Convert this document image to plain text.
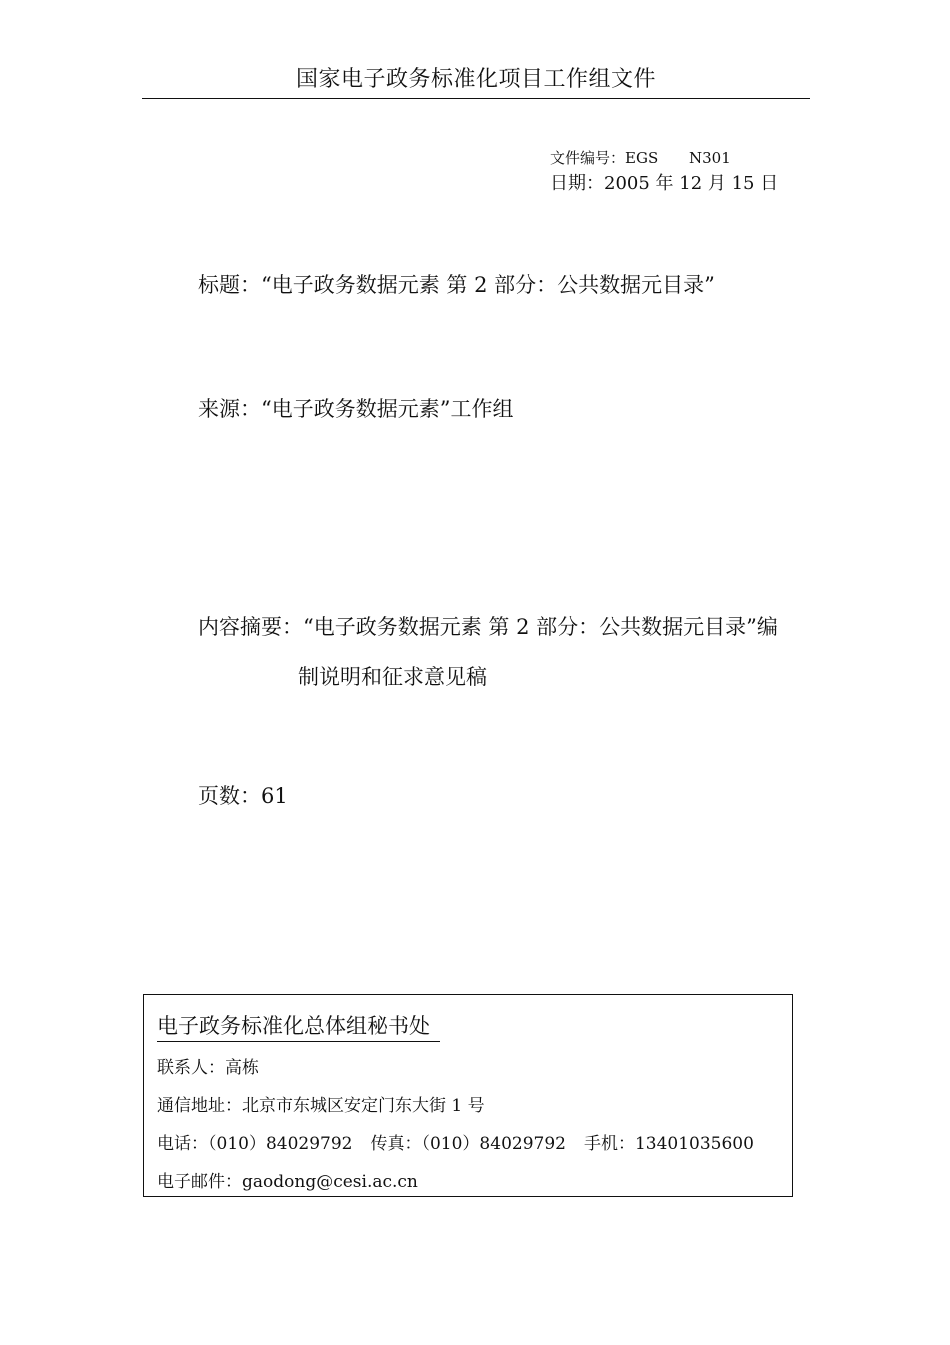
国家电子政务标准化项目工作组文件
文件编号：EGS N301
日期：2005 年 12 月 15 日
标题：“电子政务数据元素 第 2 部分：公共数据元目录”
来源：“电子政务数据元素”工作组
内容摘要：“电子政务数据元素 第 2 部分：公共数据元目录”编
制说明和征求意见稿
页数：61
电子政务标准化总体组秘书处
联系人：高栋
通信地址：北京市东城区安定门东大街 1 号
电话：（010）84029792 传真：（010）84029792 手机：13401035600
电子邮件：gaodong@cesi.ac.cn
